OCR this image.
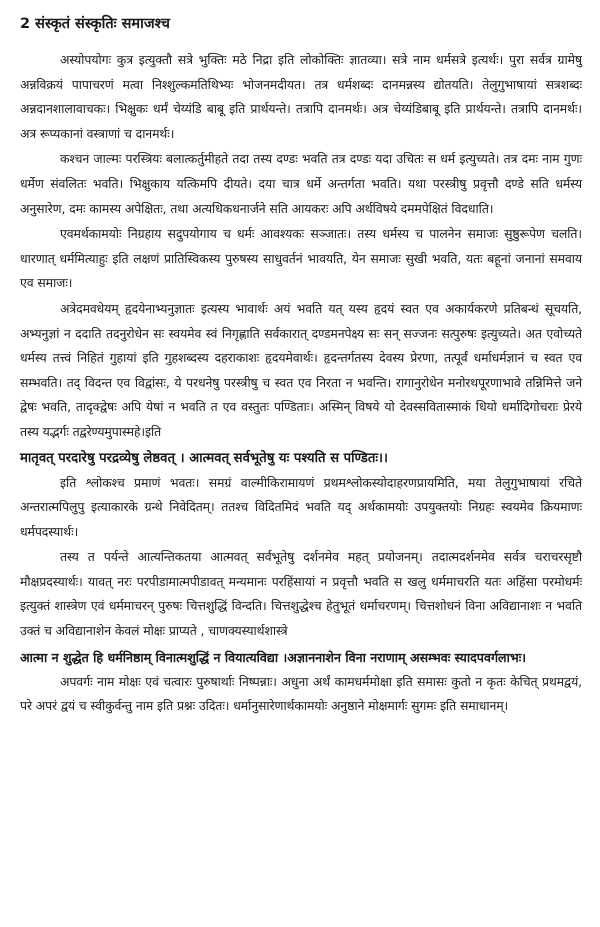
2 संस्कृतं संस्कृतिः समाजश्च

अस्योपयोगः कुत्र इत्युक्तौ सत्रे भुक्तिः मठे निद्रा इति लोकोक्तिः ज्ञातव्या। सत्रे नाम धर्मसत्रे इत्यर्थः। पुरा सर्वत्र ग्रामेषु अन्नविक्रयं पापाचरणं मत्वा निश्शुल्कमतिथिभ्यः भोजनमदीयत। तत्र धर्मशब्दः दानमन्नस्य द्योतयति। तेलुगुभाषायां सत्रशब्दः अन्नदानशालावाचकः। भिक्षुकः धर्मं चेय्यंडि बाबू इति प्रार्थयन्ते। तत्रापि दानमर्थः। अत्र चेय्यंडिबाबू इति प्रार्थयन्ते। तत्रापि दानमर्थः। अत्र रूप्यकानां वस्त्राणां च दानमर्थः।

कश्चन जाल्मः परस्त्रियः बलात्कर्तुमीहते तदा तस्य दण्डः भवति तत्र दण्डः यदा उचितः स धर्म इत्युच्यते। तत्र दमः नाम गुणः धर्मेण संवलितः भवति। भिक्षुकाय यत्किमपि दीयते। दया चात्र धर्मे अन्तर्गता भवति। यथा परस्त्रीषु प्रवृत्तौ दण्डे सति धर्मस्य अनुसारेण, दमः कामस्य अपेक्षितः, तथा अत्यधिकधनार्जने सति आयकरः अपि अर्थविषये दममपेक्षितं विदधाति।

एवमर्थकामयोः निग्रहाय सदुपयोगाय च धर्मः आवश्यकः सञ्जातः। तस्य धर्मस्य च पालनेन समाजः सुष्ठुरूपेण चलति। धारणात् धर्ममित्याहुः इति लक्षणं प्रातिस्विकस्य पुरुषस्य साधुवर्तनं भावयति, येन समाजः सुखी भवति, यतः बहूनां जनानां समवाय एव समाजः।

अत्रेदमवधेयम् हृदयेनाभ्यनुज्ञातः इत्यस्य भावार्थः अयं भवति यत् यस्य हृदयं स्वत एव अकार्यकरणे प्रतिबन्धं सूचयति, अभ्यनुज्ञां न ददाति तदनुरोधेन सः स्वयमेव स्वं निगृह्णाति सर्वकारात् दण्डमनपेक्ष्य सः सन् सज्जनः सत्पुरुषः इत्युच्यते। अत एवोच्यते धर्मस्य तत्त्वं निहितं गुहायां इति गुहशब्दस्य दहराकाशः हृदयमेवार्थः। हृदन्तर्गतस्य देवस्य प्रेरणा, तत्पूर्वं धर्माधर्मज्ञानं च स्वत एव सम्भवति। तद् विदन्त एव विद्वांसः, ये परधनेषु परस्त्रीषु च स्वत एव निरता न भवन्ति। रागानुरोधेन मनोरथपूरणाभावे तन्निमित्ते जने द्वेषः भवति, तादृक्द्वेषः अपि येषां न भवति त एव वस्तुतः पण्डिताः। अस्मिन् विषये यो देवस्सवितास्माकं धियो धर्मादिगोचराः प्रेरये तस्य यद्भर्गः तद्वरेण्यमुपास्महे।इति

मातृवत् परदारेषु परद्रव्येषु लेष्ठवत् । आत्मवत् सर्वभूतेषु यः पश्यति स पण्डितः।।

इति श्लोकश्च प्रमाणं भवतः। समग्रं वाल्मीकिरामायणं प्रथमश्लोकस्योदाहरणप्रायमिति, मया तेलुगुभाषायां रचिते अन्तरात्मपिलुपु इत्याकारके ग्रन्थे निवेदितम्। ततश्च विदितमिदं भवति यद् अर्थकामयोः उपयुक्तयोः निग्रहः स्वयमेव क्रियमाणः धर्मपदस्यार्थः।

तस्य त पर्यन्ते आत्यन्तिकतया आत्मवत् सर्वभूतेषु दर्शनमेव महत् प्रयोजनम्। तदात्मदर्शनमेव सर्वत्र चराचरसृष्टौ मौक्षप्रदस्यार्थः। यावत् नरः परपीडामात्मपीडावत् मन्यमानः परहिंसायां न प्रवृत्तौ भवति स खलु धर्ममाचरति यतः अहिंसा परमोधर्मः इत्युक्तं शास्त्रेण एवं धर्ममाचरन् पुरुषः चित्तशुद्धिं विन्दति। चित्तशुद्धेश्च हेतुभूतं धर्माचरणम्। चित्तशोधनं विना अविद्यानाशः न भवति उक्तं च अविद्यानाशेन केवलं मोक्षः प्राप्यते , चाणक्यस्यार्थशास्त्रे

आत्मा न शुद्धेत हि धर्मनिष्ठाम् विनात्मशुद्धिं न वियात्यविद्या ।अज्ञाननाशेन विना नराणाम् असम्भवः स्यादपवर्गलाभः।

अपवर्गः नाम मोक्षः एवं चत्वारः पुरुषार्थाः निष्पन्नाः। अधुना अर्थं कामधर्ममोक्षा इति समासः कुतो न कृतः केचित् प्रथमद्वयं, परे अपरं द्वयं च स्वीकुर्वन्तु नाम इति प्रश्नः उदितः। धर्मानुसारेणार्थकामयोः अनुष्ठाने मोक्षमार्गः सुगमः इति समाधानम्।
